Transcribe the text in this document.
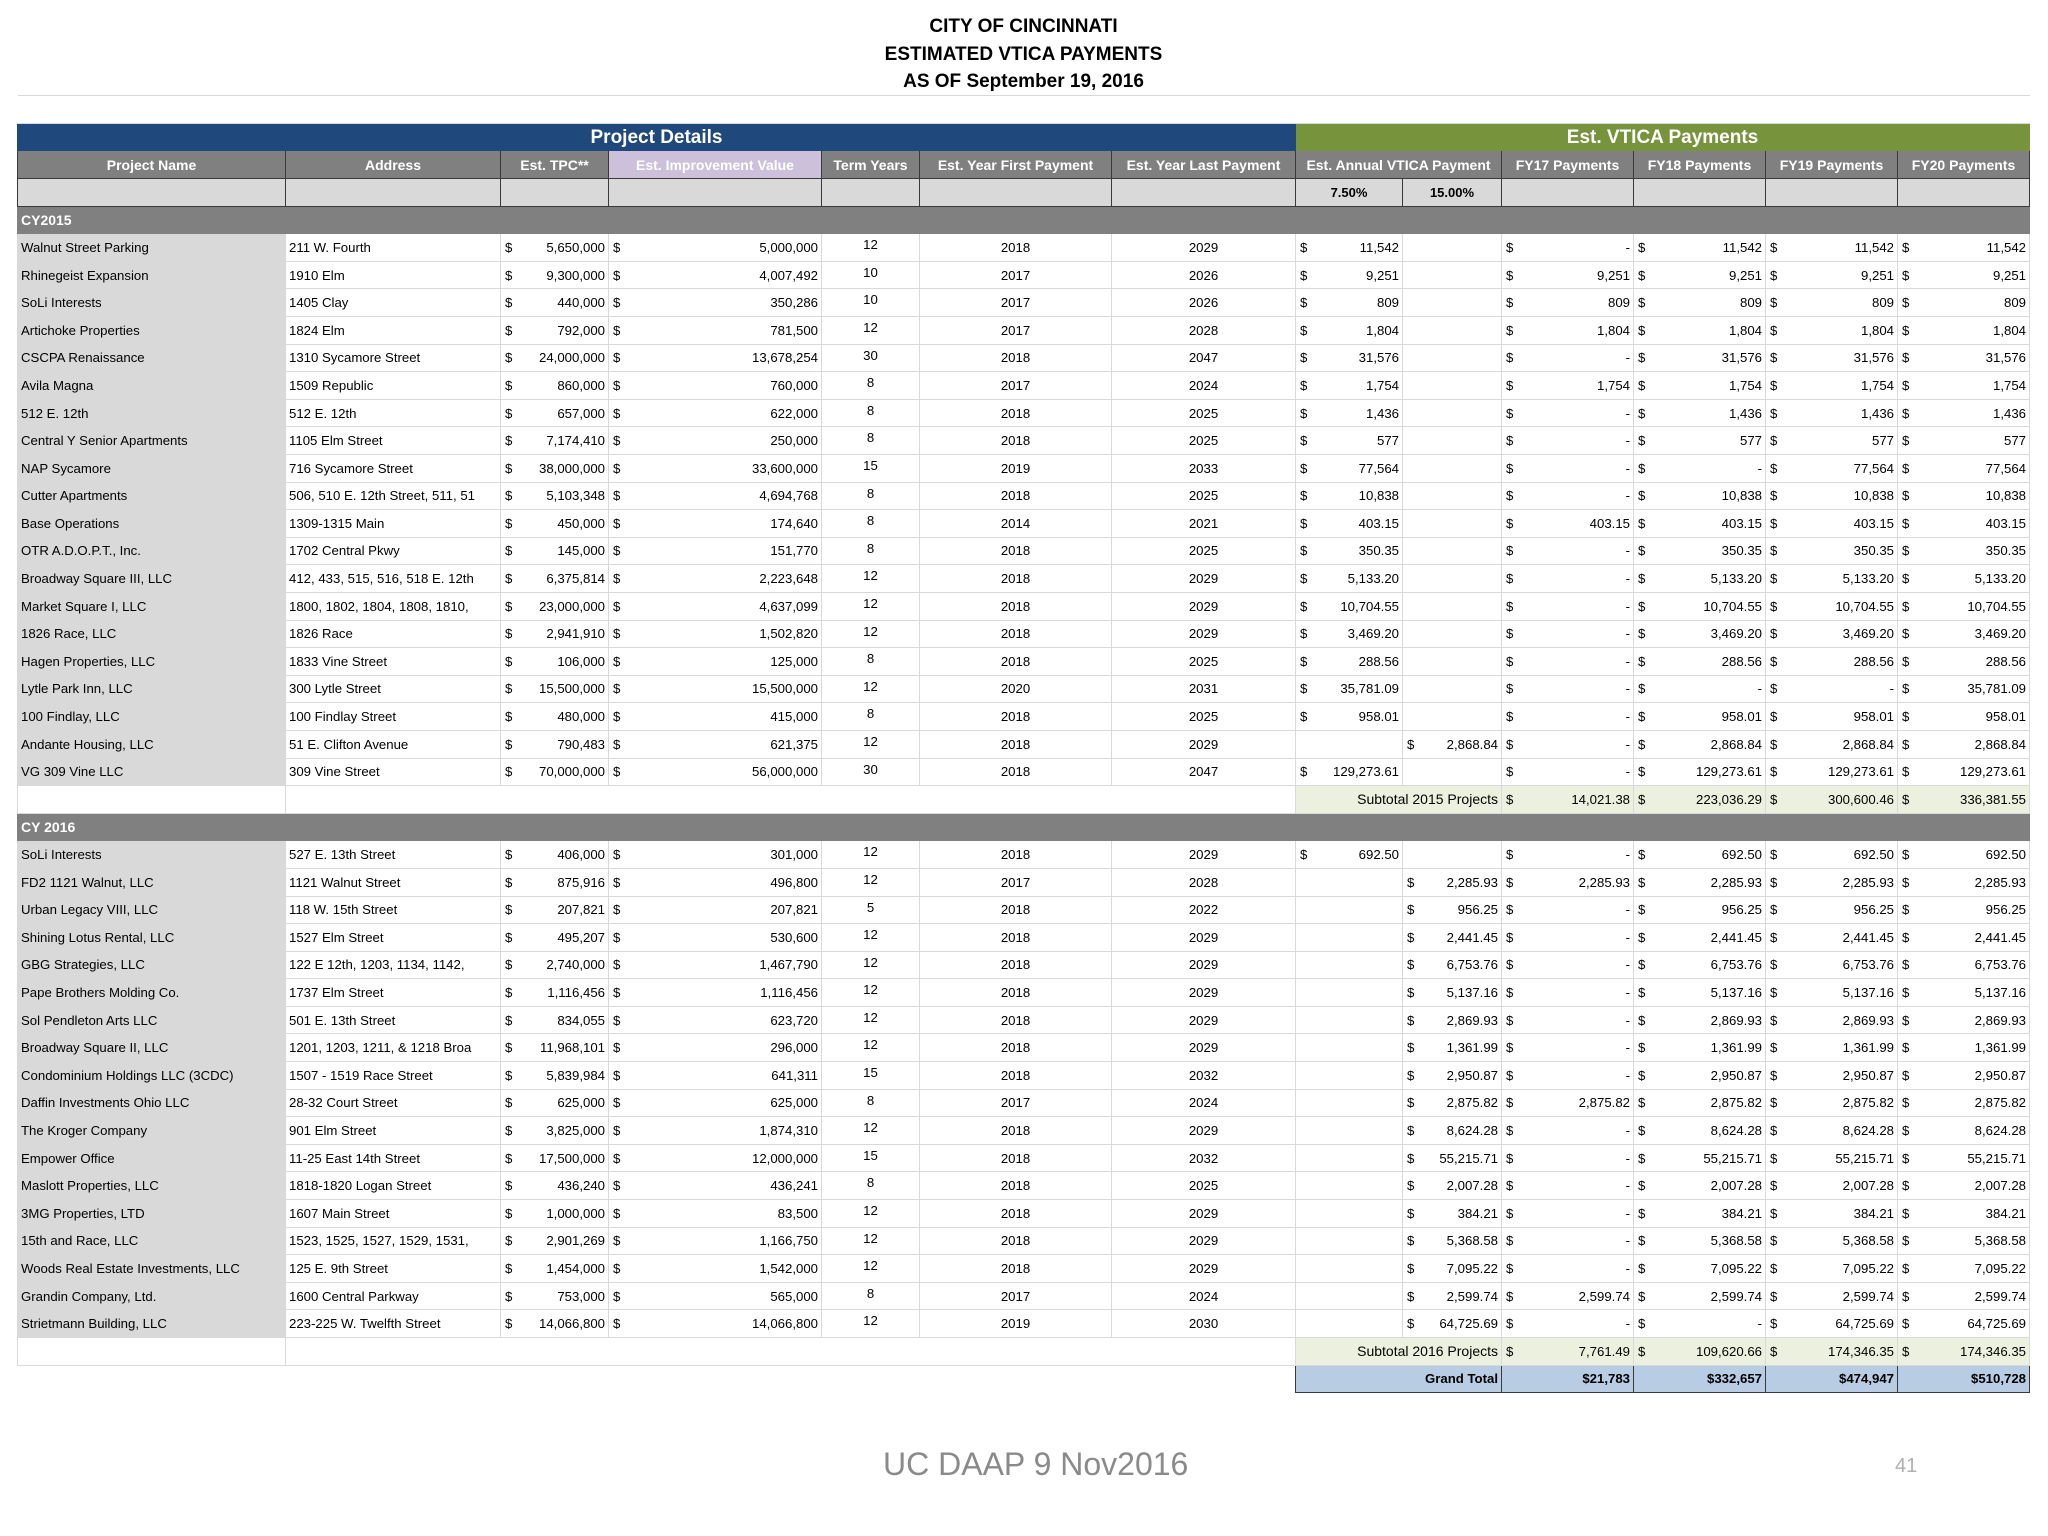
CITY OF CINCINNATI												
ESTIMATED VTICA PAYMENTS												
AS OF September 19, 2016												

Project Details							Est. VTICA Payments					
Project Name	Address	Est. TPC**	Est. Improvement Value	Term Years	Est. Year First Payment	Est. Year Last Payment	Est. Annual VTICA Payment		FY17 Payments	FY18 Payments	FY19 Payments	FY20 Payments
							7.50%	15.00%				
CY2015												
Walnut Street Parking	211 W. Fourth	$ 5,650,000	$ 5,000,000	12	2018	2029	$ 11,542		$ -	$ 11,542	$ 11,542	$ 11,542

Rhinegeist Expansion	1910 Elm	$ 9,300,000	$ 4,007,492	10	2017	2026	$ 9,251		$ 9,251	$ 9,251	$ 9,251	$ 9,251

SoLi Interests	1405 Clay	$ 440,000	$ 350,286	10	2017	2026	$ 809		$ 809	$ 809	$ 809	$ 809

Artichoke Properties	1824 Elm	$ 792,000	$ 781,500	12	2017	2028	$ 1,804		$ 1,804	$ 1,804	$ 1,804	$ 1,804

CSCPA Renaissance	1310 Sycamore Street	$ 24,000,000	$ 13,678,254	30	2018	2047	$ 31,576		$ -	$ 31,576	$ 31,576	$ 31,576

Avila Magna	1509 Republic	$ 860,000	$ 760,000	8	2017	2024	$ 1,754		$ 1,754	$ 1,754	$ 1,754	$ 1,754

512 E. 12th	512 E. 12th	$ 657,000	$ 622,000	8	2018	2025	$ 1,436		$ -	$ 1,436	$ 1,436	$ 1,436

Central Y Senior Apartments	1105 Elm Street	$ 7,174,410	$ 250,000	8	2018	2025	$ 577		$ -	$ 577	$ 577	$ 577

NAP Sycamore	716 Sycamore Street	$ 38,000,000	$ 33,600,000	15	2019	2033	$ 77,564		$ -	$ -	$ 77,564	$ 77,564

Cutter Apartments	506, 510 E. 12th Street, 511, 51	$ 5,103,348	$ 4,694,768	8	2018	2025	$ 10,838		$ -	$ 10,838	$ 10,838	$ 10,838

Base Operations	1309-1315 Main	$ 450,000	$ 174,640	8	2014	2021	$ 403.15		$ 403.15	$ 403.15	$ 403.15	$ 403.15

OTR A.D.O.P.T., Inc.	1702 Central Pkwy	$ 145,000	$ 151,770	8	2018	2025	$ 350.35		$ -	$ 350.35	$ 350.35	$ 350.35

Broadway Square III, LLC	412, 433, 515, 516, 518 E. 12th	$ 6,375,814	$ 2,223,648	12	2018	2029	$ 5,133.20		$ -	$ 5,133.20	$ 5,133.20	$ 5,133.20

Market Square I, LLC	1800, 1802, 1804, 1808, 1810,	$ 23,000,000	$ 4,637,099	12	2018	2029	$ 10,704.55		$ -	$ 10,704.55	$ 10,704.55	$ 10,704.55

1826 Race, LLC	1826 Race	$ 2,941,910	$ 1,502,820	12	2018	2029	$ 3,469.20		$ -	$ 3,469.20	$ 3,469.20	$ 3,469.20

Hagen Properties, LLC	1833 Vine Street	$ 106,000	$ 125,000	8	2018	2025	$ 288.56		$ -	$ 288.56	$ 288.56	$ 288.56

Lytle Park Inn, LLC	300 Lytle Street	$ 15,500,000	$ 15,500,000	12	2020	2031	$ 35,781.09		$ -	$ -	$ -	$ 35,781.09

100 Findlay, LLC	100 Findlay Street	$ 480,000	$ 415,000	8	2018	2025	$ 958.01		$ -	$ 958.01	$ 958.01	$ 958.01

Andante Housing, LLC	51 E. Clifton Avenue	$ 790,483	$ 621,375	12	2018	2029		$ 2,868.84	$ -	$ 2,868.84	$ 2,868.84	$ 2,868.84

VG 309 Vine LLC	309 Vine Street	$ 70,000,000	$ 56,000,000	30	2018	2047	$ 129,273.61		$ -	$ 129,273.61	$ 129,273.61	$ 129,273.61

							Subtotal 2015 Projects		$ 14,021.38	$ 223,036.29	$ 300,600.46	$ 336,381.55

CY 2016												
SoLi Interests	527 E. 13th Street	$ 406,000	$ 301,000	12	2018	2029	$ 692.50		$ -	$ 692.50	$ 692.50	$ 692.50

FD2 1121 Walnut, LLC	1121 Walnut Street	$ 875,916	$ 496,800	12	2017	2028		$ 2,285.93	$ 2,285.93	$ 2,285.93	$ 2,285.93	$ 2,285.93

Urban Legacy VIII, LLC	118 W. 15th Street	$ 207,821	$ 207,821	5	2018	2022		$ 956.25	$ -	$ 956.25	$ 956.25	$ 956.25

Shining Lotus Rental, LLC	1527 Elm Street	$ 495,207	$ 530,600	12	2018	2029		$ 2,441.45	$ -	$ 2,441.45	$ 2,441.45	$ 2,441.45

GBG Strategies, LLC	122 E 12th, 1203, 1134, 1142,	$ 2,740,000	$ 1,467,790	12	2018	2029		$ 6,753.76	$ -	$ 6,753.76	$ 6,753.76	$ 6,753.76

Pape Brothers Molding Co.	1737 Elm Street	$ 1,116,456	$ 1,116,456	12	2018	2029		$ 5,137.16	$ -	$ 5,137.16	$ 5,137.16	$ 5,137.16

Sol Pendleton Arts LLC	501 E. 13th Street	$ 834,055	$ 623,720	12	2018	2029		$ 2,869.93	$ -	$ 2,869.93	$ 2,869.93	$ 2,869.93

Broadway Square II, LLC	1201, 1203, 1211, & 1218 Broa	$ 11,968,101	$ 296,000	12	2018	2029		$ 1,361.99	$ -	$ 1,361.99	$ 1,361.99	$ 1,361.99

Condominium Holdings LLC (3CDC)	1507 - 1519 Race Street	$ 5,839,984	$ 641,311	15	2018	2032		$ 2,950.87	$ -	$ 2,950.87	$ 2,950.87	$ 2,950.87

Daffin Investments Ohio LLC	28-32 Court Street	$ 625,000	$ 625,000	8	2017	2024		$ 2,875.82	$ 2,875.82	$ 2,875.82	$ 2,875.82	$ 2,875.82

The Kroger Company	901 Elm Street	$ 3,825,000	$ 1,874,310	12	2018	2029		$ 8,624.28	$ -	$ 8,624.28	$ 8,624.28	$ 8,624.28

Empower Office	11-25 East 14th Street	$ 17,500,000	$ 12,000,000	15	2018	2032		$ 55,215.71	$ -	$ 55,215.71	$ 55,215.71	$ 55,215.71

Maslott Properties, LLC	1818-1820 Logan Street	$ 436,240	$ 436,241	8	2018	2025		$ 2,007.28	$ -	$ 2,007.28	$ 2,007.28	$ 2,007.28

3MG Properties, LTD	1607 Main Street	$ 1,000,000	$ 83,500	12	2018	2029		$ 384.21	$ -	$ 384.21	$ 384.21	$ 384.21

15th and Race, LLC	1523, 1525, 1527, 1529, 1531,	$ 2,901,269	$ 1,166,750	12	2018	2029		$ 5,368.58	$ -	$ 5,368.58	$ 5,368.58	$ 5,368.58

Woods Real Estate Investments, LLC	125 E. 9th Street	$ 1,454,000	$ 1,542,000	12	2018	2029		$ 7,095.22	$ -	$ 7,095.22	$ 7,095.22	$ 7,095.22

Grandin Company, Ltd.	1600 Central Parkway	$ 753,000	$ 565,000	8	2017	2024		$ 2,599.74	$ 2,599.74	$ 2,599.74	$ 2,599.74	$ 2,599.74

Strietmann Building, LLC	223-225 W. Twelfth Street	$ 14,066,800	$ 14,066,800	12	2019	2030		$ 64,725.69	$ -	$ -	$ 64,725.69	$ 64,725.69

							Subtotal 2016 Projects		$ 7,761.49	$ 109,620.66	$ 174,346.35	$ 174,346.35

							Grand Total		$21,783	$332,657	$474,947	$510,728
UC DAAP 9 Nov2016	41
